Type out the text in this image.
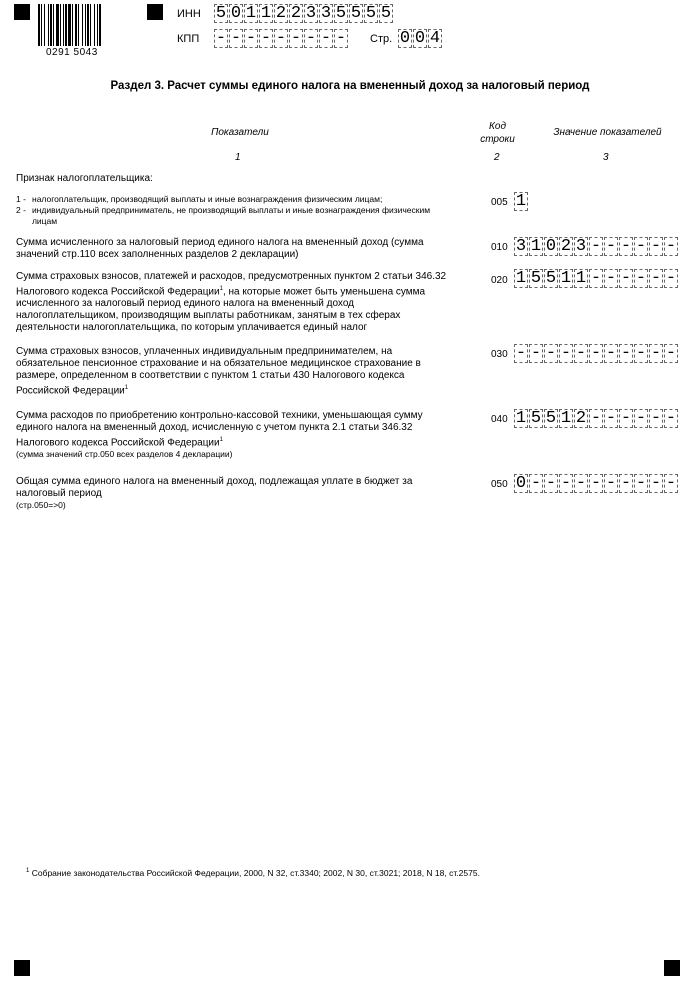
0291 5043
ИНН 5 0 1 1 2 2 3 3 5 5 5 5
КПП - - - - - - - - - Стр. 0 0 4
Раздел 3. Расчет суммы единого налога на вмененный доход за налоговый период
Показатели
Код
строки
Значение показателей
1	2	3
Признак налогоплательщика:
1 - налогоплательщик, производящий выплаты и иные вознаграждения физическим лицам;
2 - индивидуальный предприниматель, не производящий выплаты и иные вознаграждения физическим лицам
005 1
Сумма исчисленного за налоговый период единого налога на вмененный доход (сумма значений стр.110 всех заполненных разделов 2 декларации)
010 3 1 0 2 3 - - - - - -
Сумма страховых взносов, платежей и расходов, предусмотренных пунктом 2 статьи 346.32 Налогового кодекса Российской Федерации$^1$, на которые может быть уменьшена сумма исчисленного за налоговый период единого налога на вмененный доход налогоплательщиком, производящим выплаты работникам, занятым в тех сферах деятельности налогоплательщика, по которым уплачивается единый налог
020 1 5 5 1 1 - - - - - -
Сумма страховых взносов, уплаченных индивидуальным предпринимателем, на обязательное пенсионное страхование и на обязательное медицинское страхование в размере, определенном в соответствии с пунктом 1 статьи 430 Налогового кодекса Российской Федерации$^1$
030 - - - - - - - - - - -
Сумма расходов по приобретению контрольно-кассовой техники, уменьшающая сумму единого налога на вмененный доход, исчисленную с учетом пункта 2.1 статьи 346.32 Налогового кодекса Российской Федерации$^1$
(сумма значений стр.050 всех разделов 4 декларации)
040 1 5 5 1 2 - - - - - -
Общая сумма единого налога на вмененный доход, подлежащая уплате в бюджет за налоговый период
(стр.050=>0)
050 0 - - - - - - - - - -
$^1$ Собрание законодательства Российской Федерации, 2000, N 32, ст.3340; 2002, N 30, ст.3021; 2018, N 18, ст.2575.
